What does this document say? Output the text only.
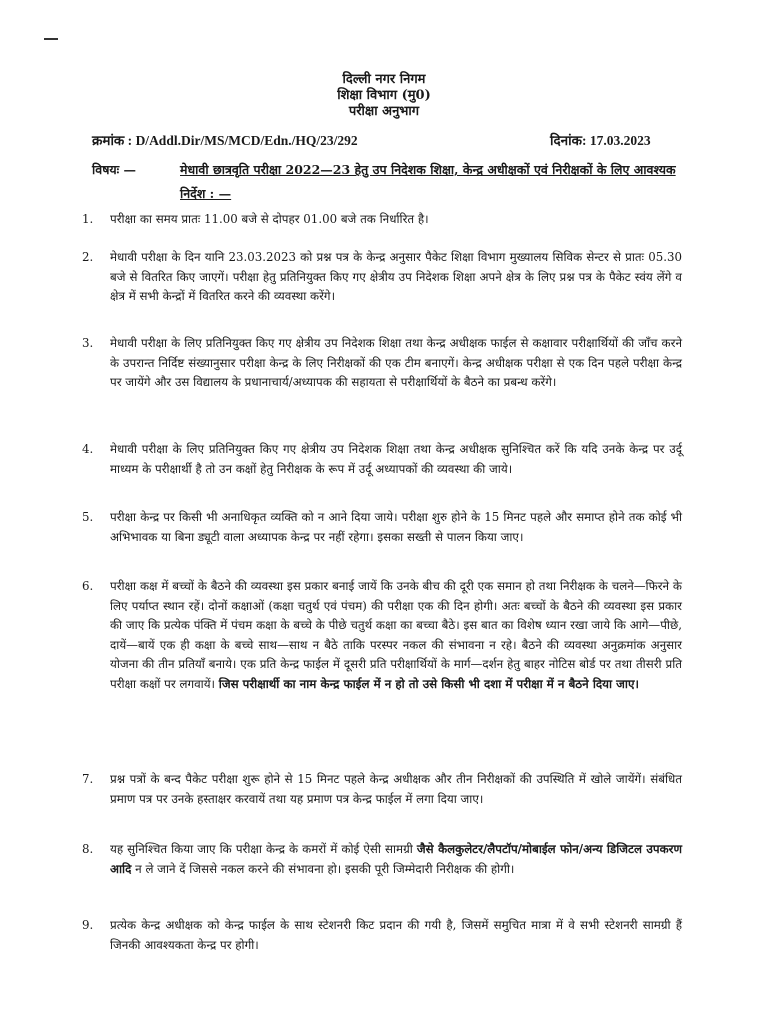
दिल्ली नगर निगम
शिक्षा विभाग (मु0)
परीक्षा अनुभाग
क्रमांक : D/Addl.Dir/MS/MCD/Edn./HQ/23/292	दिनांक: 17.03.2023
विषयः —	मेधावी छात्रवृति परीक्षा 2022—23 हेतु उप निदेशक शिक्षा, केन्द्र अधीक्षकों एवं निरीक्षकों के लिए आवश्यक निर्देश : —
1.	परीक्षा का समय प्रातः 11.00 बजे से दोपहर 01.00 बजे तक निर्धारित है।
2.	मेधावी परीक्षा के दिन यानि 23.03.2023 को प्रश्न पत्र के केन्द्र अनुसार पैकेट शिक्षा विभाग मुख्यालय सिविक सेन्टर से प्रातः 05.30 बजे से वितरित किए जाएगें। परीक्षा हेतु प्रतिनियुक्त किए गए क्षेत्रीय उप निदेशक शिक्षा अपने क्षेत्र के लिए प्रश्न पत्र के पैकेट स्वंय लेंगे व क्षेत्र में सभी केन्द्रों में वितरित करने की व्यवस्था करेंगे।
3.	मेधावी परीक्षा के लिए प्रतिनियुक्त किए गए क्षेत्रीय उप निदेशक शिक्षा तथा केन्द्र अधीक्षक फाईल से कक्षावार परीक्षार्थियों की जाँच करने के उपरान्त निर्दिष्ट संख्यानुसार परीक्षा केन्द्र के लिए निरीक्षकों की एक टीम बनाएगें। केन्द्र अधीक्षक परीक्षा से एक दिन पहले परीक्षा केन्द्र पर जायेंगे और उस विद्यालय के प्रधानाचार्य/अध्यापक की सहायता से परीक्षार्थियों के बैठने का प्रबन्ध करेंगे।
4.	मेधावी परीक्षा के लिए प्रतिनियुक्त किए गए क्षेत्रीय उप निदेशक शिक्षा तथा केन्द्र अधीक्षक सुनिश्चित करें कि यदि उनके केन्द्र पर उर्दू माध्यम के परीक्षार्थी है तो उन कक्षों हेतु निरीक्षक के रूप में उर्दू अध्यापकों की व्यवस्था की जाये।
5.	परीक्षा केन्द्र पर किसी भी अनाधिकृत व्यक्ति को न आने दिया जाये। परीक्षा शुरु होने के 15 मिनट पहले और समाप्त होने तक कोई भी अभिभावक या बिना ड्यूटी वाला अध्यापक केन्द्र पर नहीं रहेगा। इसका सख्ती से पालन किया जाए।
6.	परीक्षा कक्ष में बच्चों के बैठने की व्यवस्था इस प्रकार बनाई जायें कि उनके बीच की दूरी एक समान हो तथा निरीक्षक के चलने—फिरने के लिए पर्याप्त स्थान रहें। दोनों कक्षाओं (कक्षा चतुर्थ एवं पंचम) की परीक्षा एक की दिन होगी। अतः बच्चों के बैठने की व्यवस्था इस प्रकार की जाए कि प्रत्येक पंक्ति में पंचम कक्षा के बच्चे के पीछे चतुर्थ कक्षा का बच्चा बैठे। इस बात का विशेष ध्यान रखा जाये कि आगे—पीछे, दायें—बायें एक ही कक्षा के बच्चे साथ—साथ न बैठे ताकि परस्पर नकल की संभावना न रहे। बैठने की व्यवस्था अनुक्रमांक अनुसार योजना की तीन प्रतियाँ बनाये। एक प्रति केन्द्र फाईल में दूसरी प्रति परीक्षार्थियों के मार्ग—दर्शन हेतु बाहर नोटिस बोर्ड पर तथा तीसरी प्रति परीक्षा कक्षों पर लगवायें। जिस परीक्षार्थी का नाम केन्द्र फाईल में न हो तो उसे किसी भी दशा में परीक्षा में न बैठने दिया जाए।
7.	प्रश्न पत्रों के बन्द पैकेट परीक्षा शुरू होने से 15 मिनट पहले केन्द्र अधीक्षक और तीन निरीक्षकों की उपस्थिति में खोले जायेंगें। संबंधित प्रमाण पत्र पर उनके हस्ताक्षर करवायें तथा यह प्रमाण पत्र केन्द्र फाईल में लगा दिया जाए।
8.	यह सुनिश्चित किया जाए कि परीक्षा केन्द्र के कमरों में कोई ऐसी सामग्री जैसे कैलकुलेटर/लैपटॉप/मोबाईल फोन/अन्य डिजिटल उपकरण आदि न ले जाने दें जिससे नकल करने की संभावना हो। इसकी पूरी जिम्मेदारी निरीक्षक की होगी।
9.	प्रत्येक केन्द्र अधीक्षक को केन्द्र फाईल के साथ स्टेशनरी किट प्रदान की गयी है, जिसमें समुचित मात्रा में वे सभी स्टेशनरी सामग्री हैं जिनकी आवश्यकता केन्द्र पर होगी।
